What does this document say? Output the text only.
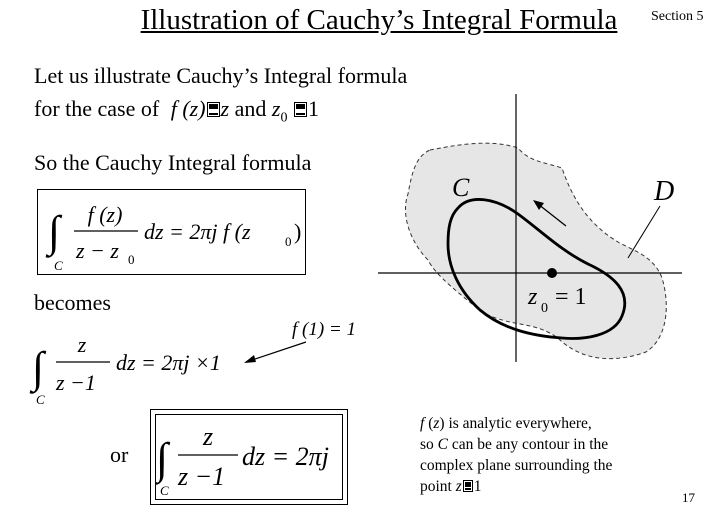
Illustration of Cauchy’s Integral Formula	Section 5
Let us illustrate Cauchy’s Integral formula
for the case of f (z) z and $z_0$ 1
So the Cauchy Integral formula
∫
C
f (z)
z − z 0
dz = 2πj f (z	0 )
becomes
∫
C
z
z −1
dz = 2πj ×1
f (1) = 1
or ∫
C
z
z −1
dz = 2πj
C	D
z 0 = 1
f (z) is analytic everywhere,
so C can be any contour in the
complex plane surrounding the
point z 1
17
